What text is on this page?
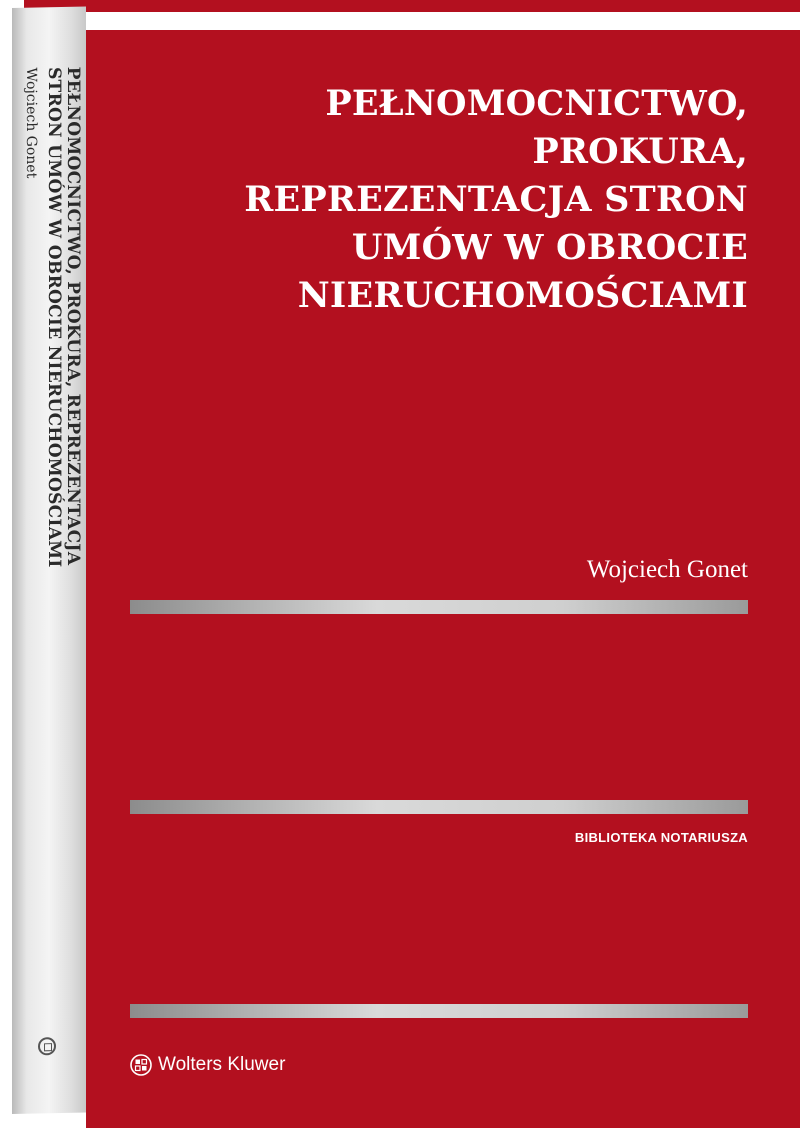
PEŁNOMOCNICTWO, PROKURA, REPREZENTACJA
STRON UMÓW W OBROCIE NIERUCHOMOŚCIAMI
Wojciech Gonet	PEŁNOMOCNICTWO,
PROKURA,
REPREZENTACJA STRON
UMÓW W OBROCIE
NIERUCHOMOŚCIAMI
Wojciech Gonet
BIBLIOTEKA NOTARIUSZA
Wolters Kluwer
